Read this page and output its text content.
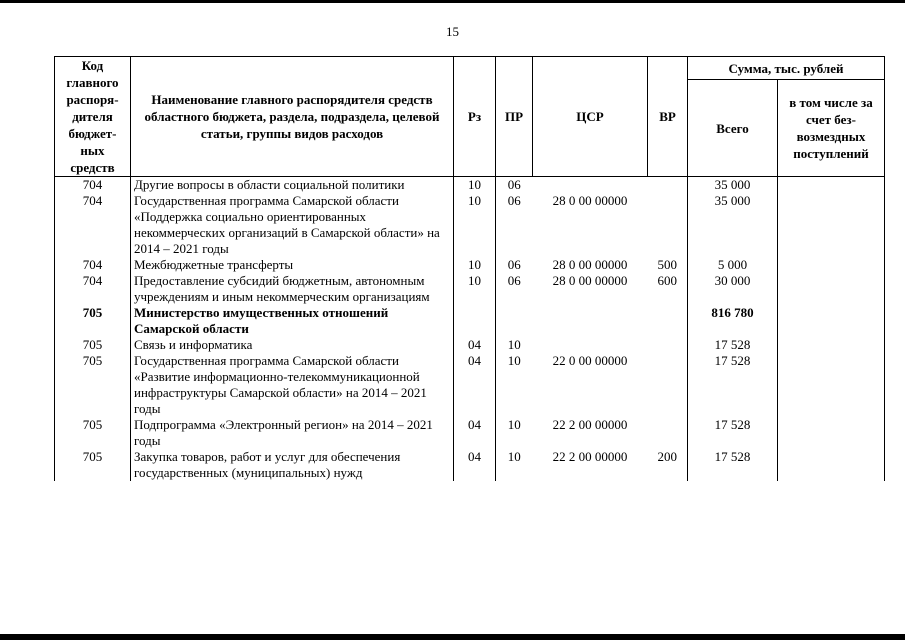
15
Код главного распоря-дителя бюджет-ных средств	Наименование главного распорядителя средств областного бюджета, раздела, подраздела, целевой статьи, группы видов расходов	Рз	ПР	ЦСР	ВР	Сумма, тыс. рублей	
						Всего	в том числе за счет без-возмездных поступлений
704	Другие вопросы в области социальной политики	10	06			35 000	
704	Государственная программа Самарской области «Поддержка социально ориентированных некоммерческих организаций в Самарской области» на 2014 – 2021 годы	10	06	28 0 00 00000		35 000	
704	Межбюджетные трансферты	10	06	28 0 00 00000	500	5 000	
704	Предоставление субсидий бюджетным, автономным учреждениям и иным некоммерческим организациям	10	06	28 0 00 00000	600	30 000	
705	Министерство имущественных отношений Самарской области					816 780	
705	Связь и информатика	04	10			17 528	
705	Государственная программа Самарской области «Развитие информационно-телекоммуникационной инфраструктуры Самарской области» на 2014 – 2021 годы	04	10	22 0 00 00000		17 528	
705	Подпрограмма «Электронный регион» на 2014 – 2021 годы	04	10	22 2 00 00000		17 528	
705	Закупка товаров, работ и услуг для обеспечения государственных (муниципальных) нужд	04	10	22 2 00 00000	200	17 528	
